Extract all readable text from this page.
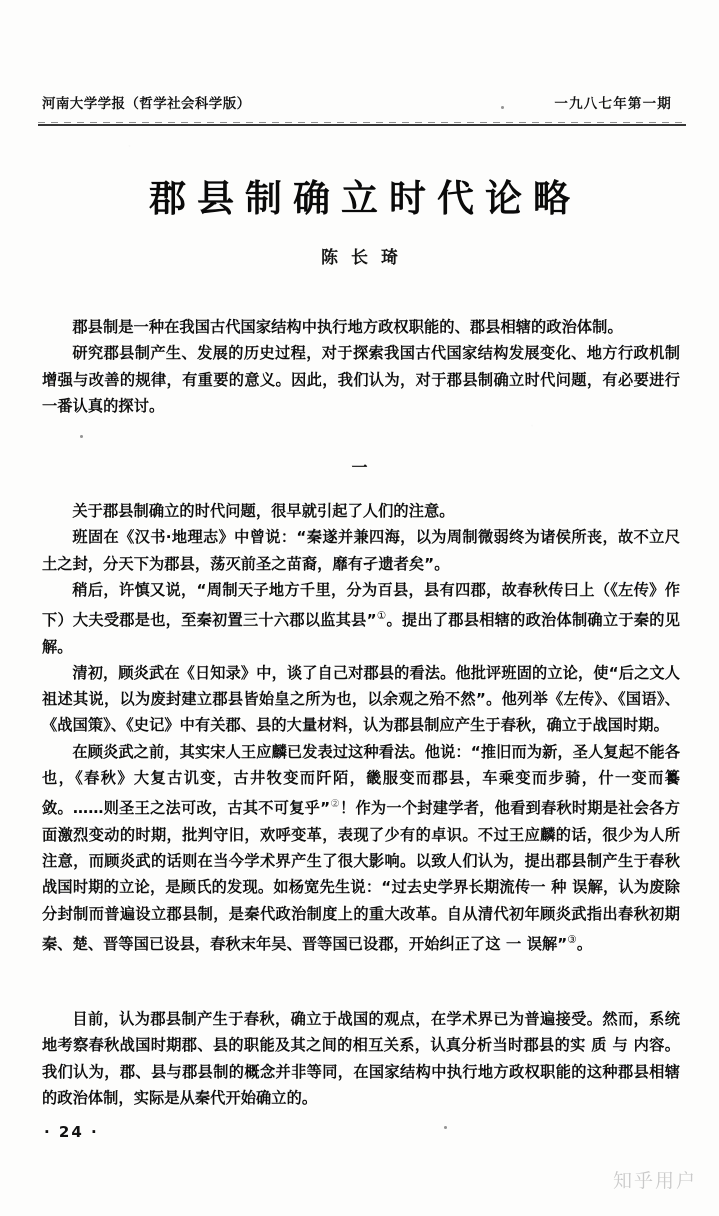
河南大学学报（哲学社会科学版）	一九八七年第一期
郡县制确立时代论略
陈长琦

郡县制是一种在我国古代国家结构中执行地方政权职能的、郡县相辖的政治体制。

研究郡县制产生、发展的历史过程，对于探索我国古代国家结构发展变化、地方行政机制增强与改善的规律，有重要的意义。因此，我们认为，对于郡县制确立时代问题，有必要进行一番认真的探讨。

一

关于郡县制确立的时代问题，很早就引起了人们的注意。

班固在《汉书·地理志》中曾说：“秦遂并兼四海，以为周制微弱终为诸侯所丧，故不立尺土之封，分天下为郡县，荡灭前圣之苗裔，靡有孑遗者矣”。

稍后，许慎又说，“周制天子地方千里，分为百县，县有四郡，故春秋传曰上（《左传》作下）大夫受郡是也，至秦初置三十六郡以监其县”①。提出了郡县相辖的政治体制确立于秦的见解。

清初，顾炎武在《日知录》中，谈了自己对郡县的看法。他批评班固的立论，使“后之文人祖述其说，以为废封建立郡县皆始皇之所为也，以余观之殆不然”。他列举《左传》、《国语》、《战国策》、《史记》中有关郡、县的大量材料，认为郡县制应产生于春秋，确立于战国时期。

在顾炎武之前，其实宋人王应麟已发表过这种看法。他说：“推旧而为新，圣人复起不能各也，《春秋》大复古讥变，古井牧变而阡陌，畿服变而郡县，车乘变而步骑，什一变而籑敛。……则圣王之法可改，古其不可复乎”②！作为一个封建学者，他看到春秋时期是社会各方面激烈变动的时期，批判守旧，欢呼变革，表现了少有的卓识。不过王应麟的话，很少为人所注意，而顾炎武的话则在当今学术界产生了很大影响。以致人们认为，提出郡县制产生于春秋战国时期的立论，是顾氏的发现。如杨宽先生说：“过去史学界长期流传一 种 误解，认为废除分封制而普遍设立郡县制，是秦代政治制度上的重大改革。自从清代初年顾炎武指出春秋初期秦、楚、晋等国已设县，春秋末年吴、晋等国已设郡，开始纠正了这 一 误解”③。

目前，认为郡县制产生于春秋，确立于战国的观点，在学术界已为普遍接受。然而，系统地考察春秋战国时期郡、县的职能及其之间的相互关系，认真分析当时郡县的实 质 与 内容。我们认为，郡、县与郡县制的概念并非等同，在国家结构中执行地方政权职能的这种郡县相辖的政治体制，实际是从秦代开始确立的。

· 24 ·
知乎用户
